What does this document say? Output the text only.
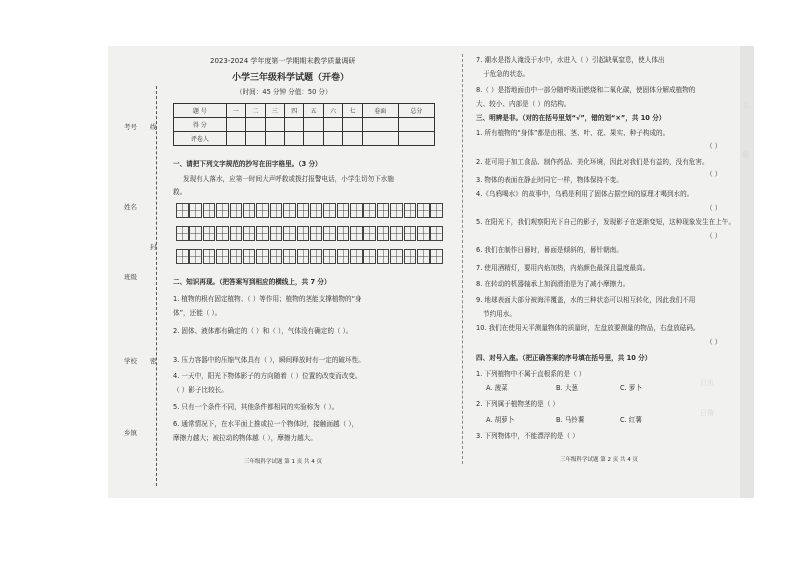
上
题
日出
日落
考号
姓名
班级
学校
乡镇
线
封
密
2023-2024 学年度第一学期期末教学质量调研
小学三年级科学试题（开卷）
（时间：45 分钟 分值：50 分）
题 号	一	二	三	四	五	六	七	卷面	总分
得 分									
评卷人									
一、请把下列文字规范的抄写在田字格里。（3 分）
发现有人落水，应第一时间大声呼救或拨打报警电话，小学生切勿下水施
救。
二、知识再现。（把答案写到相应的横线上，共 7 分）
1. 植物的根有固定植物、（ ）等作用；植物的茎能支撑植物的“身
体”，还能（ ）。
2. 固体、液体都有确定的（ ）和（ ），气体没有确定的（ ）。
3. 压力容器中的压缩气体具有（ ），瞬间释放时有一定的破坏性。
4. 一天中，阳光下物体影子的方向随着（ ）位置的改变而改变。
（ ）影子比较长。
5. 只有一个条件不同，其他条件都相同的实验称为（ ）。
6. 通常情况下，在水平面上推或拉一个物体时，接触面越（ ），
摩擦力越大；被拉动的物体越（ ），摩擦力越大。
三年级科学试题 第 1 页 共 4 页
7. 潮水是指人淹没于水中，水进入（ ）引起缺氧窒息，使人体出
于危急的状态。
8.（ ）是指地面由中一部分随呼吸而燃烧和二氧化碳，使固体分解成植物的
大、较小、内部是（ ）的结构。
三、明辨是非。（对的在括号里划“√”，错的划“×”，共 10 分）
1. 所有植物的“身体”都是由根、茎、叶、花、果实、种子构成的。
（ ）
2. 花可用于加工食品、制作药品、美化环境，因此对我们是有益的，没有危害。
（ ）
3. 物体的表面在静止时同它一样，物体保持不变。
4.《乌鸦喝水》的故事中，乌鸦是利用了固体占据空间的原理才喝到水的。
（ ）
5. 在阳光下，我们观察阳光下自己的影子，发现影子在逐渐变短，这种现象发生在上午。
（ ）
6. 我们在制作日晷时，晷面是倾斜的，晷针朝南。
7. 使用酒精灯，要用内焰加热，内焰颜色最深且温度最高。
8. 在转动的机器轴承上加润滑油是为了减小摩擦力。
9. 地球表面大部分被海洋覆盖，水的三种状态可以相互转化，因此我们不用
节约用水。
10. 我们在使用天平测量物体的质量时，左盘放要测量的物品，右盘放砝码。
（ ）
四、对号入座。（把正确答案的序号填在括号里，共 10 分）
1. 下列植物中不属于直根系的是（ ）
A. 菠菜	B. 大葱	C. 萝卜
2. 下列属于植物茎的是（ ）
A. 胡萝卜	B. 马铃薯	C. 红薯
3. 下列物体中，不能漂浮的是（ ）
三年级科学试题 第 2 页 共 4 页
